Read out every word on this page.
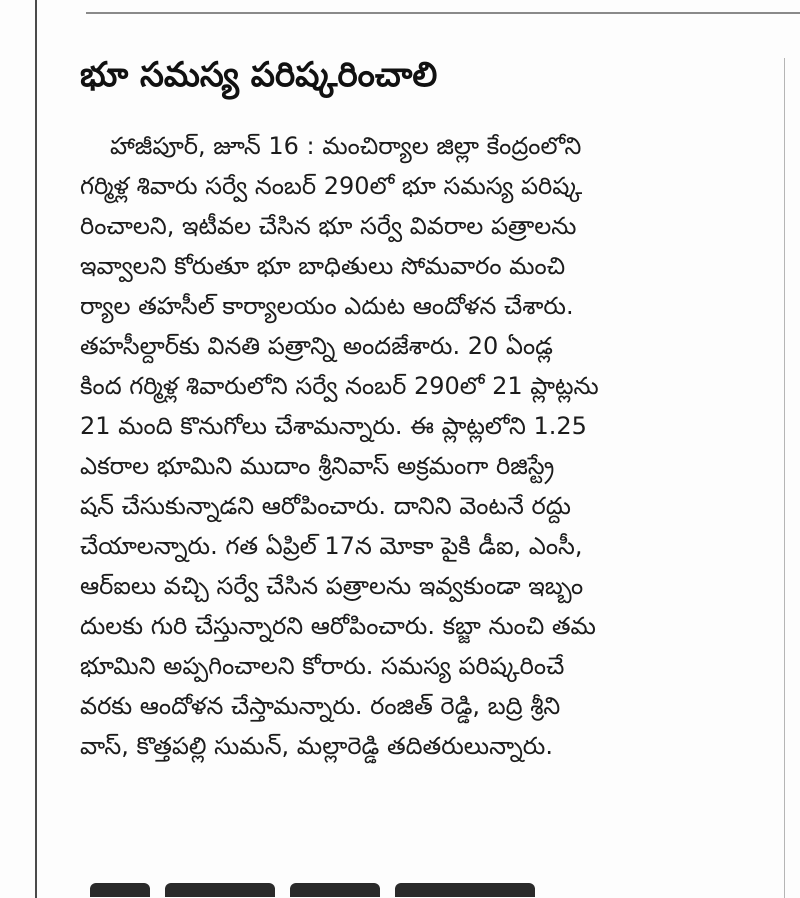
భూ సమస్య పరిష్కరించాలి
హాజీపూర్, జూన్ 16 : మంచిర్యాల జిల్లా కేంద్రంలోని
గర్మిళ్ల శివారు సర్వే నంబర్ 290లో భూ సమస్య పరిష్క
రించాలని, ఇటీవల చేసిన భూ సర్వే వివరాల పత్రాలను
ఇవ్వాలని కోరుతూ భూ బాధితులు సోమవారం మంచి
ర్యాల తహసీల్ కార్యాలయం ఎదుట ఆందోళన చేశారు.
తహసీల్దార్‌కు వినతి పత్రాన్ని అందజేశారు. 20 ఏండ్ల
కింద గర్మిళ్ల శివారులోని సర్వే నంబర్ 290లో 21 ప్లాట్లను
21 మంది కొనుగోలు చేశామన్నారు. ఈ ప్లాట్లలోని 1.25
ఎకరాల భూమిని ముదాం శ్రీనివాస్ అక్రమంగా రిజిస్ట్రే
షన్ చేసుకున్నాడని ఆరోపించారు. దానిని వెంటనే రద్దు
చేయాలన్నారు. గత ఏప్రిల్ 17న మోకా పైకి డీఐ, ఎంసీ,
ఆర్ఐలు వచ్చి సర్వే చేసిన పత్రాలను ఇవ్వకుండా ఇబ్బం
దులకు గురి చేస్తున్నారని ఆరోపించారు. కబ్జా నుంచి తమ
భూమిని అప్పగించాలని కోరారు. సమస్య పరిష్కరించే
వరకు ఆందోళన చేస్తామన్నారు. రంజిత్ రెడ్డి, బద్రి శ్రీని
వాస్, కొత్తపల్లి సుమన్, మల్లారెడ్డి తదితరులున్నారు.
